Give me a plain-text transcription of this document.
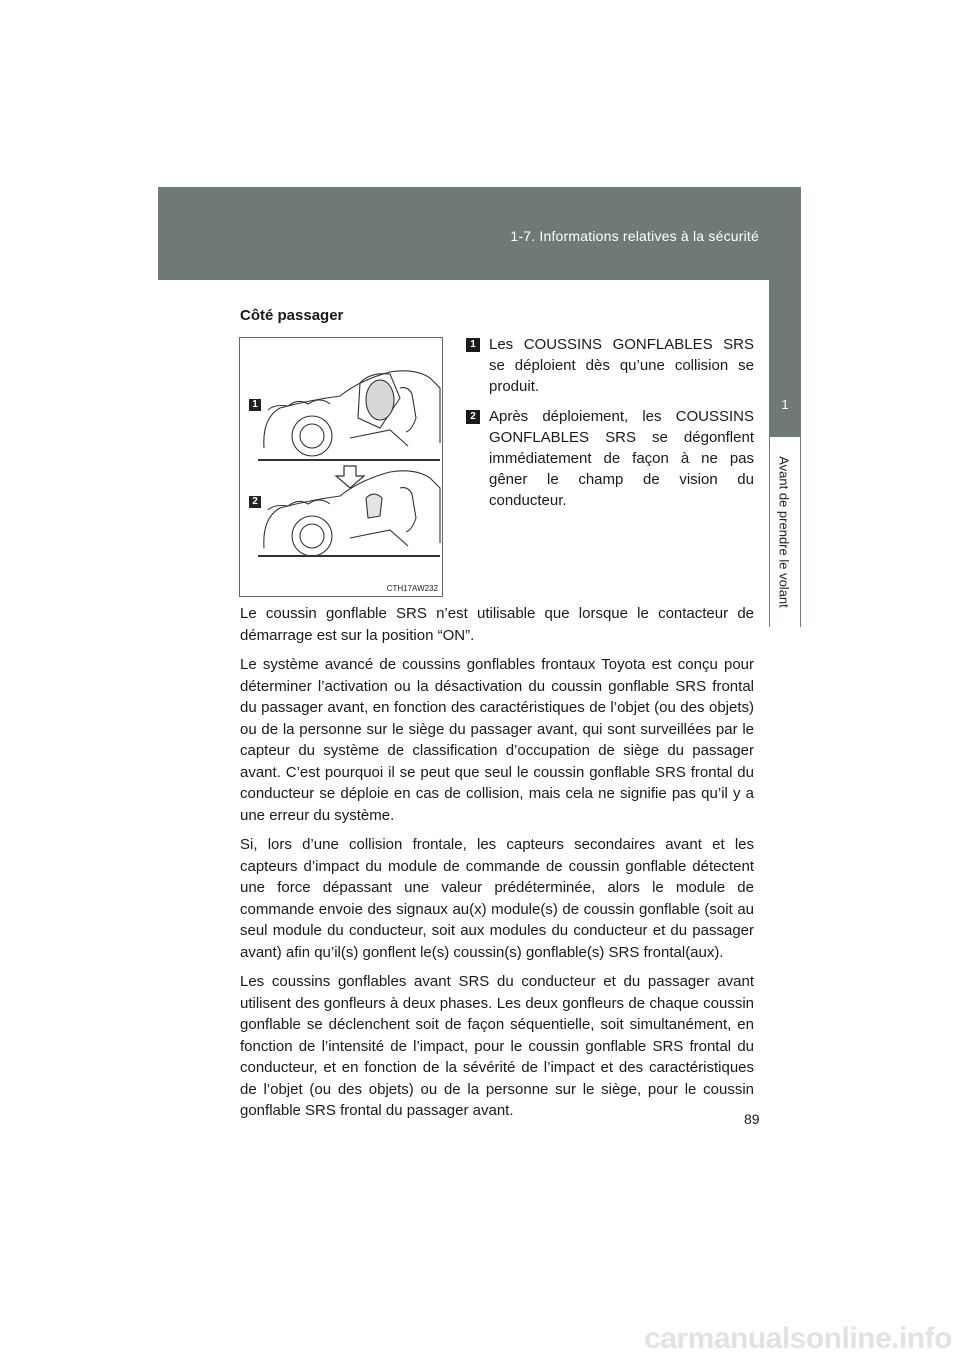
1-7. Informations relatives à la sécurité
1
Avant de prendre le volant
Côté passager
1
2
CTH17AW232
1 Les COUSSINS GONFLABLES SRS se déploient dès qu’une collision se produit.
2 Après déploiement, les COUSSINS GONFLABLES SRS se dégonflent immédiatement de façon à ne pas gêner le champ de vision du conducteur.

Le coussin gonflable SRS n’est utilisable que lorsque le contacteur de démarrage est sur la position “ON”.

Le système avancé de coussins gonflables frontaux Toyota est conçu pour déterminer l’activation ou la désactivation du coussin gonflable SRS frontal du passager avant, en fonction des caractéristiques de l’objet (ou des objets) ou de la personne sur le siège du passager avant, qui sont surveillées par le capteur du système de classification d’occupation de siège du passager avant. C’est pourquoi il se peut que seul le coussin gonflable SRS frontal du conducteur se déploie en cas de collision, mais cela ne signifie pas qu’il y a une erreur du système.

Si, lors d’une collision frontale, les capteurs secondaires avant et les capteurs d’impact du module de commande de coussin gonflable détectent une force dépassant une valeur prédéterminée, alors le module de commande envoie des signaux au(x) module(s) de coussin gonflable (soit au seul module du conducteur, soit aux modules du conducteur et du passager avant) afin qu’il(s) gonflent le(s) coussin(s) gonflable(s) SRS frontal(aux).

Les coussins gonflables avant SRS du conducteur et du passager avant utilisent des gonfleurs à deux phases. Les deux gonfleurs de chaque coussin gonflable se déclenchent soit de façon séquentielle, soit simultanément, en fonction de l’intensité de l’impact, pour le coussin gonflable SRS frontal du conducteur, et en fonction de la sévérité de l’impact et des caractéristiques de l’objet (ou des objets) ou de la personne sur le siège, pour le coussin gonflable SRS frontal du passager avant.	89
carmanualsonline.info
